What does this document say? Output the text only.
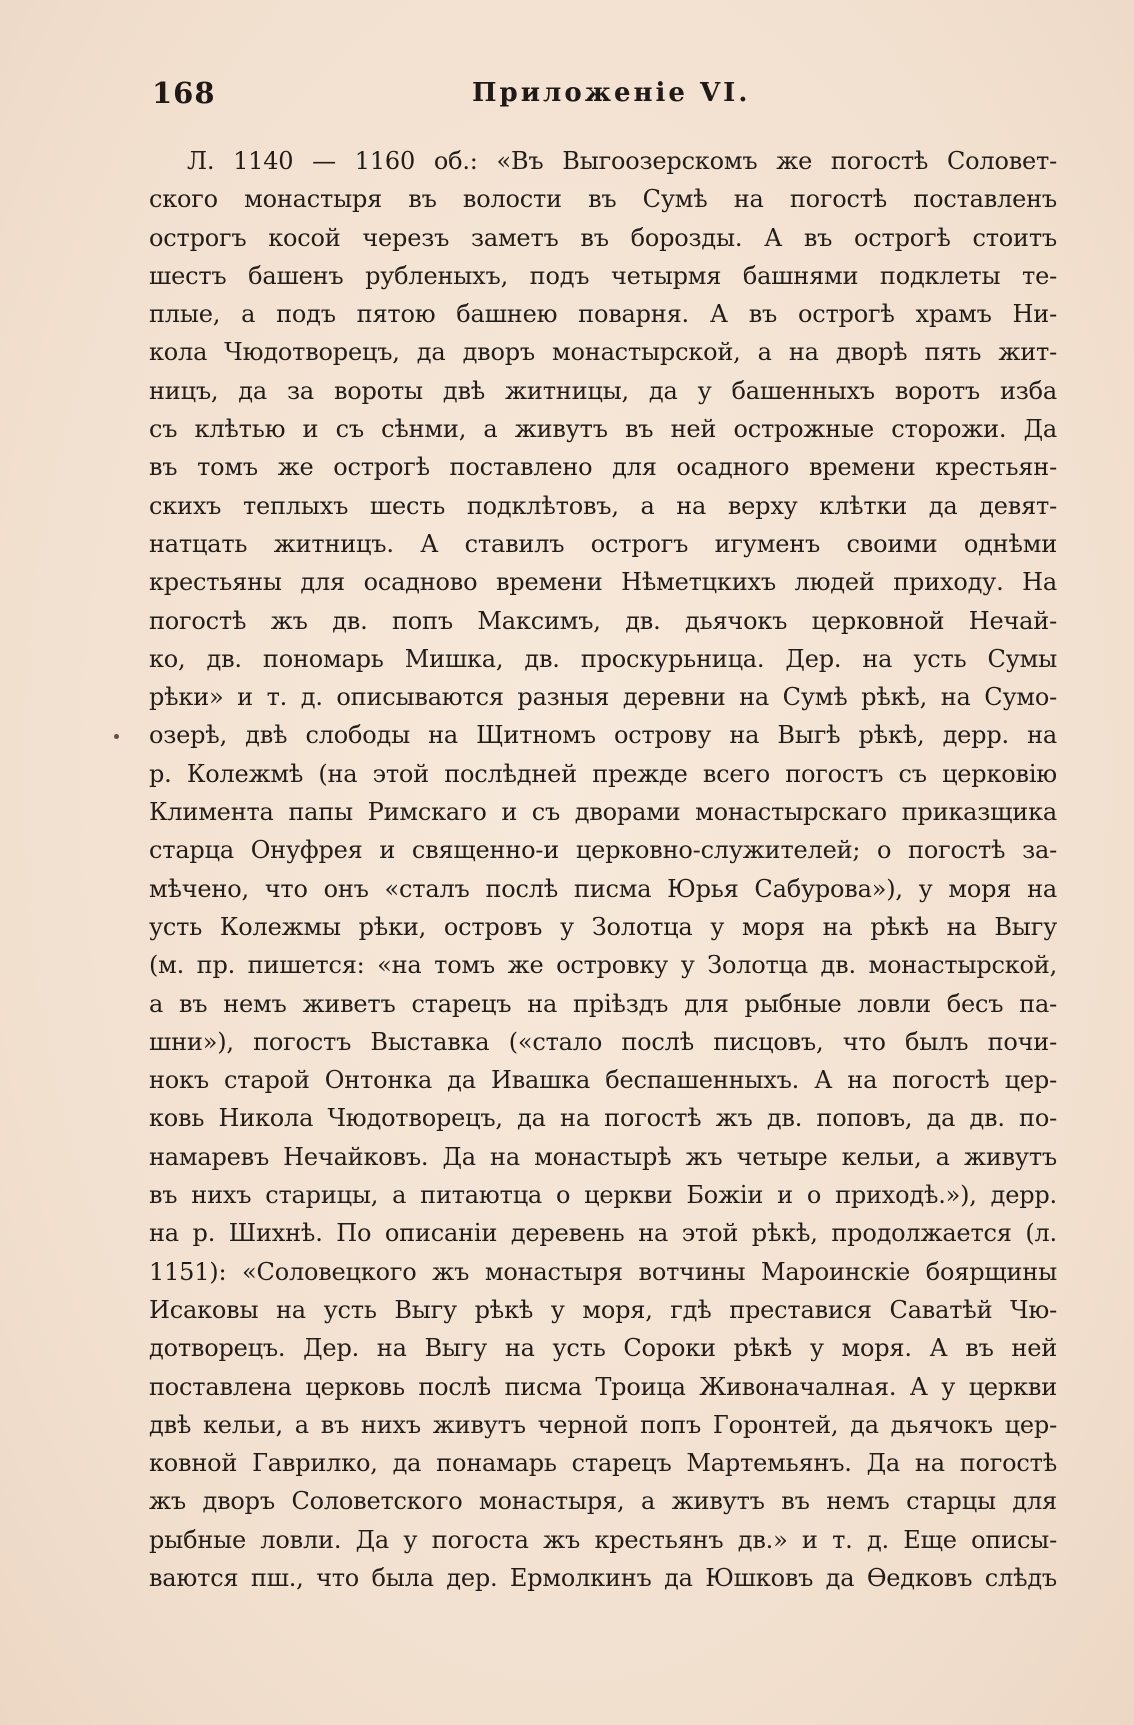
168	Приложеніе VI.
Л. 1140 — 1160 об.: «Въ Выгоозерскомъ же погостѣ Соловет-
ского монастыря въ волости въ Сумѣ на погостѣ поставленъ
острогъ косой черезъ заметъ въ борозды. А въ острогѣ стоитъ
шестъ башенъ рубленыхъ, подъ четырмя башнями подклеты те-
плые, а подъ пятою башнею поварня. А въ острогѣ храмъ Ни-
кола Чюдотворецъ, да дворъ монастырской, а на дворѣ пять жит-
ницъ, да за вороты двѣ житницы, да у башенныхъ воротъ изба
съ клѣтью и съ сѣнми, а живутъ въ ней острожные сторожи. Да
въ томъ же острогѣ поставлено для осадного времени крестьян-
скихъ теплыхъ шесть подклѣтовъ, а на верху клѣтки да девят-
натцать житницъ. А ставилъ острогъ игуменъ своими однѣми
крестьяны для осадново времени Нѣметцкихъ людей приходу. На
погостѣ жъ дв. попъ Максимъ, дв. дьячокъ церковной Нечай-
ко, дв. пономарь Мишка, дв. проскурьница. Дер. на усть Сумы
рѣки» и т. д. описываются разныя деревни на Сумѣ рѣкѣ, на Сумо-
озерѣ, двѣ слободы на Щитномъ острову на Выгѣ рѣкѣ, дерр. на
р. Колежмѣ (на этой послѣдней прежде всего погостъ съ церковію
Климента папы Римскаго и съ дворами монастырскаго приказщика
старца Онуфрея и священно-и церковно-служителей; о погостѣ за-
мѣчено, что онъ «сталъ послѣ писма Юрья Сабурова»), у моря на
усть Колежмы рѣки, островъ у Золотца у моря на рѣкѣ на Выгу
(м. пр. пишется: «на томъ же островку у Золотца дв. монастырской,
а въ немъ живетъ старецъ на пріѣздъ для рыбные ловли бесъ па-
шни»), погостъ Выставка («стало послѣ писцовъ, что былъ почи-
нокъ старой Онтонка да Ивашка беспашенныхъ. А на погостѣ цер-
ковь Никола Чюдотворецъ, да на погостѣ жъ дв. поповъ, да дв. по-
намаревъ Нечайковъ. Да на монастырѣ жъ четыре кельи, а живутъ
въ нихъ старицы, а питаютца о церкви Божіи и о приходѣ.»), дерр.
на р. Шихнѣ. По описаніи деревень на этой рѣкѣ, продолжается (л.
1151): «Соловецкого жъ монастыря вотчины Мароинскіе боярщины
Исаковы на усть Выгу рѣкѣ у моря, гдѣ преставися Саватѣй Чю-
дотворецъ. Дер. на Выгу на усть Сороки рѣкѣ у моря. А въ ней
поставлена церковь послѣ писма Троица Живоначалная. А у церкви
двѣ кельи, а въ нихъ живутъ черной попъ Горонтей, да дьячокъ цер-
ковной Гаврилко, да понамарь старецъ Мартемьянъ. Да на погостѣ
жъ дворъ Соловетского монастыря, а живутъ въ немъ старцы для
рыбные ловли. Да у погоста жъ крестьянъ дв.» и т. д. Еще описы-
ваются пш., что была дер. Ермолкинъ да Юшковъ да Ѳедковъ слѣдъ
